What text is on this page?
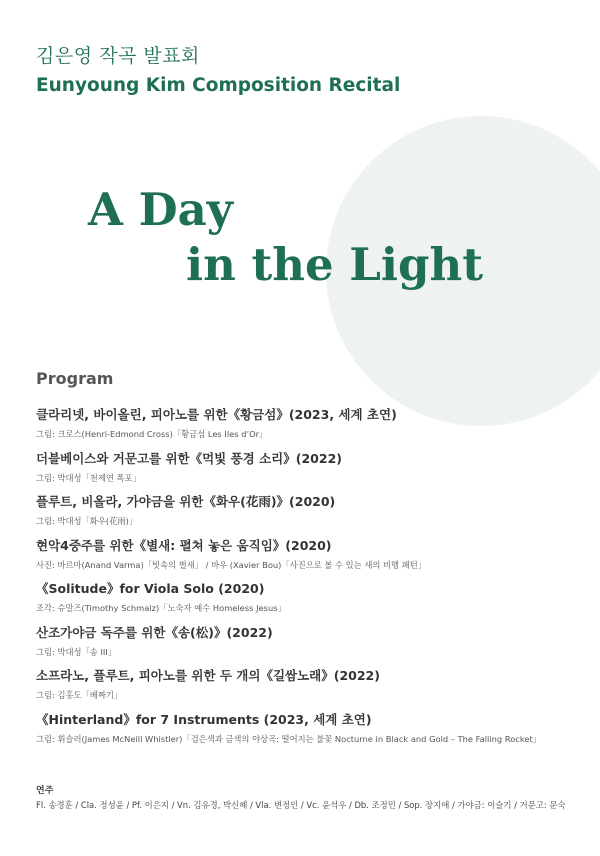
김은영 작곡 발표회
Eunyoung Kim Composition Recital
A Day
in the Light
Program
클라리넷, 바이올린, 피아노를 위한《황금섬》(2023, 세계 초연)
그림: 크로스(Henri-Edmond Cross)「황금섬 Les Iles d’Or」
더블베이스와 거문고를 위한《먹빛 풍경 소리》(2022)
그림: 박대성「천제연 폭포」
플루트, 비올라, 가야금을 위한《화우(花雨)》(2020)
그림: 박대성「화우(花雨)」
현악4중주를 위한《별새: 펼쳐 놓은 움직임》(2020)
사진: 바르마(Anand Varma)「빗속의 벌새」 / 바우 (Xavier Bou)「사진으로 볼 수 있는 새의 비행 패턴」
《Solitude》for Viola Solo (2020)
조각: 슈말즈(Timothy Schmalz)「노숙자 예수 Homeless Jesus」
산조가야금 독주를 위한《송(松)》(2022)
그림: 박대성「송 III」
소프라노, 플루트, 피아노를 위한 두 개의《길쌈노래》(2022)
그림: 김홍도「베짜기」
《Hinterland》for 7 Instruments (2023, 세계 초연)
그림: 휘슬러(James McNeill Whistler)「검은색과 금색의 야상곡: 떨어지는 불꽃 Nocturne in Black and Gold – The Falling Rocket」
연주
Fl. 송경훈 / Cla. 정성윤 / Pf. 이은지 / Vn. 김유경, 박신혜 / Vla. 변정인 / Vc. 윤석우 / Db. 조정민 / Sop. 장지애 / 가야금: 이슬기 / 거문고: 문숙
